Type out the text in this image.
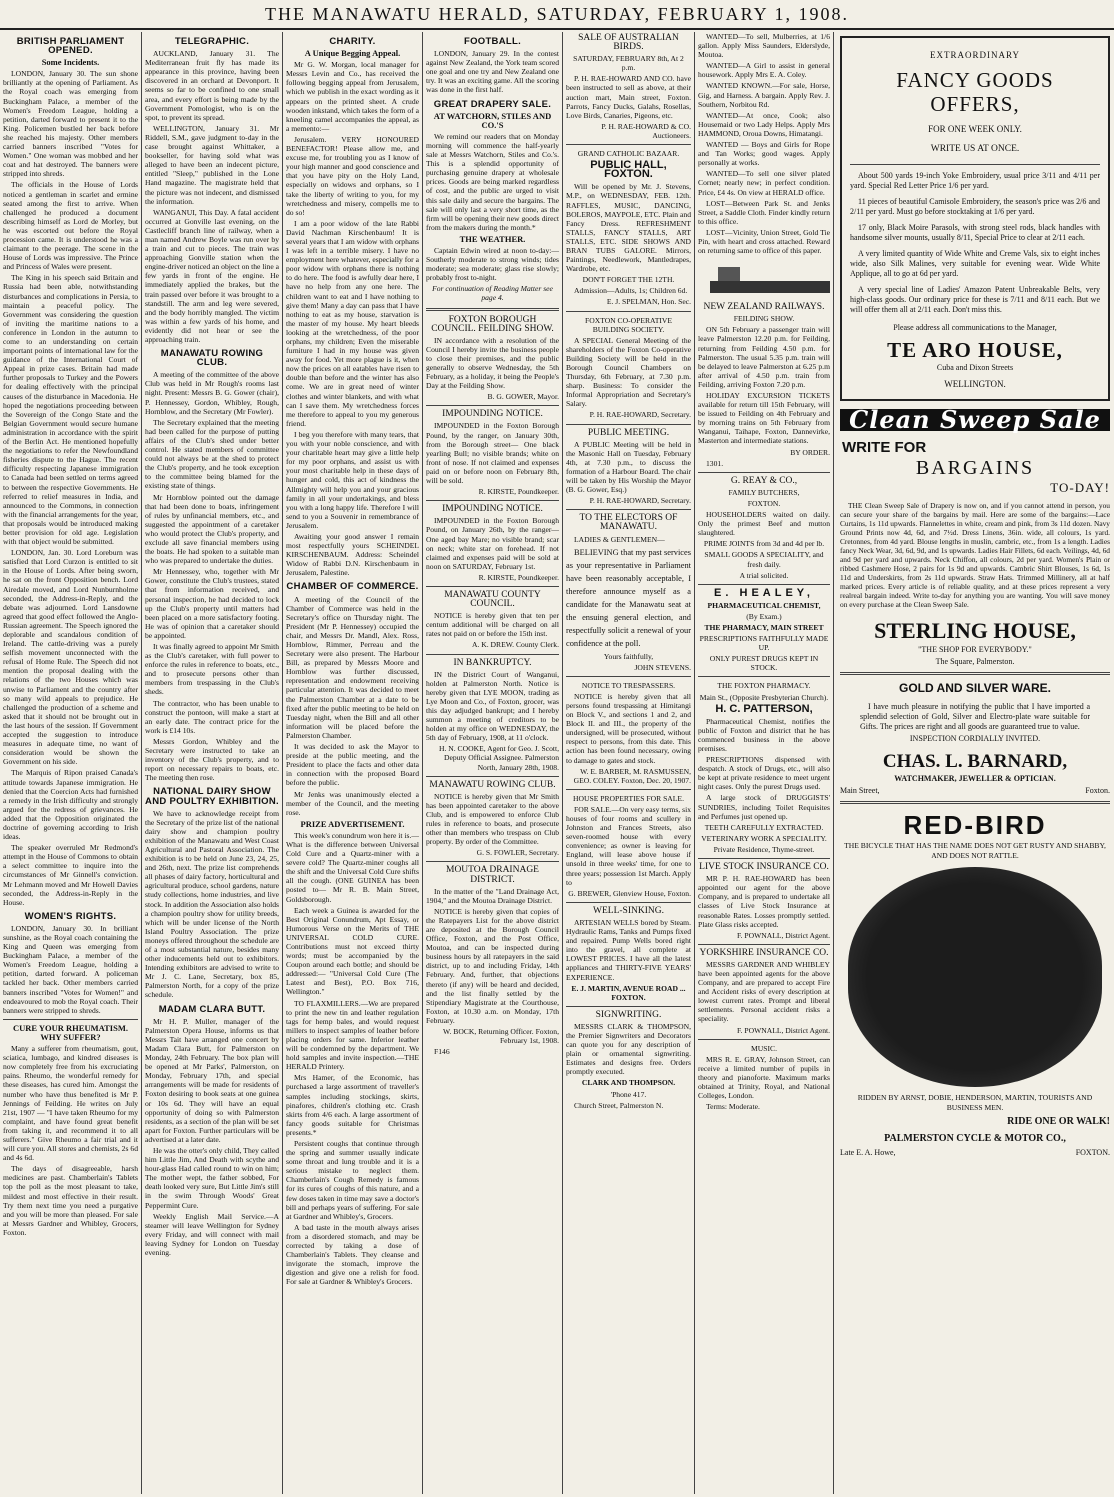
THE MANAWATU HERALD, SATURDAY, FEBRUARY 1, 1908.
BRITISH PARLIAMENT OPENED.
Some Incidents.

LONDON, January 30. The sun shone brilliantly at the opening of Parliament. As the Royal coach was emerging from Buckingham Palace, a member of the Women's Freedom League, holding a petition, darted forward to present it to the King. Policemen bustled her back before she reached his majesty. Other members carried banners inscribed "Votes for Women." One woman was mobbed and her coat and hat destroyed. The banners were stripped into shreds.

The officials in the House of Lords noticed a gentleman in scarlet and ermine seated among the first to arrive. When challenged he produced a document describing himself as Lord de Morley, but he was escorted out before the Royal procession came. It is understood he was a claimant to the peerage. The scene in the House of Lords was impressive. The Prince and Princess of Wales were present.

The King in his speech said Britain and Russia had been able, notwithstanding disturbances and complications in Persia, to maintain a peaceful policy. The Government was considering the question of inviting the maritime nations to a conference in London in the autumn to come to an understanding on certain important points of international law for the guidance of the International Court of Appeal in prize cases. Britain had made further proposals to Turkey and the Powers for dealing effectively with the principal causes of the disturbance in Macedonia. He hoped the negotiations proceeding between the Sovereign of the Congo State and the Belgian Government would secure humane administration in accordance with the spirit of the Berlin Act. He mentioned hopefully the negotiations to refer the Newfoundland fisheries dispute to the Hague. The recent difficulty respecting Japanese immigration to Canada had been settled on terms agreed to between the respective Governments. He referred to relief measures in India, and announced to the Commons, in connection with the financial arrangements for the year, that proposals would be introduced making better provision for old age. Legislation with that object would be submitted.

LONDON, Jan. 30. Lord Loreburn was satisfied that Lord Curzon is entitled to sit in the House of Lords. After being sworn, he sat on the front Opposition bench. Lord Airedale moved, and Lord Nunburnholme seconded, the Address-in-Reply, and the debate was adjourned. Lord Lansdowne agreed that good effect followed the Anglo-Russian agreement. The Speech ignored the deplorable and scandalous condition of Ireland. The cattle-driving was a purely selfish movement unconnected with the refusal of Home Rule. The Speech did not mention the proposal dealing with the relations of the two Houses which was unwise to Parliament and the country after so many wild appeals to prejudice. He challenged the production of a scheme and asked that it should not be brought out in the last hours of the session. If Government accepted the suggestion to introduce measures in adequate time, no want of consideration would be shown the Government on his side.

The Marquis of Ripon praised Canada's attitude towards Japanese immigration. He denied that the Coercion Acts had furnished a remedy in the Irish difficulty and strongly argued for the redress of grievances. He added that the Opposition originated the doctrine of governing according to Irish ideas.

The speaker overruled Mr Redmond's attempt in the House of Commons to obtain a select committee to inquire into the circumstances of Mr Ginnell's conviction. Mr Lehmann moved and Mr Howell Davies seconded, the Address-in-Reply in the House.

WOMEN'S RIGHTS.

LONDON, January 30. In brilliant sunshine, as the Royal coach containing the King and Queen was emerging from Buckingham Palace, a member of the Women's Freedom League, holding a petition, darted forward. A policeman tackled her back. Other members carried banners inscribed "Votes for Women!" and endeavoured to mob the Royal coach. Their banners were stripped to shreds.

CURE YOUR RHEUMATISM. WHY SUFFER?

Many a sufferer from rheumatism, gout, sciatica, lumbago, and kindred diseases is now completely free from his excruciating pains. Rheumo, the wonderful remedy for these diseases, has cured him. Amongst the number who have thus benefited is Mr P. Jennings of Feilding. He writes on July 21st, 1907 — "I have taken Rheumo for my complaint, and have found great benefit from taking it, and recommend it to all sufferers." Give Rheumo a fair trial and it will cure you. All stores and chemists, 2s 6d and 4s 6d.

The days of disagreeable, harsh medicines are past. Chamberlain's Tablets top the poll as the most pleasant to take, mildest and most effective in their result. Try them next time you need a purgative and you will be more than pleased. For sale at Messrs Gardner and Whibley, Grocers, Foxton.

TELEGRAPHIC.

AUCKLAND, January 31. The Mediterranean fruit fly has made its appearance in this province, having been discovered in an orchard at Devonport. It seems so far to be confined to one small area, and every effort is being made by the Government Pomologist, who is on the spot, to prevent its spread.

WELLINGTON, January 31. Mr Riddell, S.M., gave judgment to-day in the case brought against Whittaker, a bookseller, for having sold what was alleged to have been an indecent picture, entitled "Sleep," published in the Lone Hand magazine. The magistrate held that the picture was not indecent, and dismissed the information.

WANGANUI, This Day. A fatal accident occurred at Gonville last evening, on the Castlecliff branch line of railway, when a man named Andrew Boyle was run over by a train and cut to pieces. The train was approaching Gonville station when the engine-driver noticed an object on the line a few yards in front of the engine. He immediately applied the brakes, but the train passed over before it was brought to a standstill. The arm and leg were severed, and the body horribly mangled. The victim was within a few yards of his home, and evidently did not hear or see the approaching train.

MANAWATU ROWING CLUB.

A meeting of the committee of the above Club was held in Mr Rough's rooms last night. Present: Messrs B. G. Gower (chair), P. Hennessey, Gordon, Whibley, Rough, Hornblow, and the Secretary (Mr Fowler).

The Secretary explained that the meeting had been called for the purpose of putting affairs of the Club's shed under better control. He stated members of committee could not always be at the shed to protect the Club's property, and he took exception to the committee being blamed for the existing state of things.

Mr Hornblow pointed out the damage that had been done to boats, infringement of rules by unfinancial members, etc., and suggested the appointment of a caretaker who would protect the Club's property, and exclude all save financial members using the boats. He had spoken to a suitable man who was prepared to undertake the duties.

Mr Hennessey, who, together with Mr Gower, constitute the Club's trustees, stated that from information received, and personal inspection, he had decided to lock up the Club's property until matters had been placed on a more satisfactory footing. He was of opinion that a caretaker should be appointed.

It was finally agreed to appoint Mr Smith as the Club's caretaker, with full power to enforce the rules in reference to boats, etc., and to prosecute persons other than members from trespassing in the Club's sheds.

The contractor, who has been unable to construct the pontoon, will make a start at an early date. The contract price for the work is £14 10s.

Messrs Gordon, Whibley and the Secretary were instructed to take an inventory of the Club's property, and to report on necessary repairs to boats, etc. The meeting then rose.

NATIONAL DAIRY SHOW AND POULTRY EXHIBITION.

We have to acknowledge receipt from the Secretary of the prize list of the national dairy show and champion poultry exhibition of the Manawatu and West Coast Agricultural and Pastoral Association. The exhibition is to be held on June 23, 24, 25, and 26th, next. The prize list comprehends all phases of dairy factory, horticultural and agricultural produce, school gardens, nature study collections, home industries, and live stock. In addition the Association also holds a champion poultry show for utility breeds, which will be under license of the North Island Poultry Association. The prize moneys offered throughout the schedule are of a most substantial nature, besides many other inducements held out to exhibitors. Intending exhibitors are advised to write to Mr J. C. Lane, Secretary, box 85, Palmerston North, for a copy of the prize schedule.

MADAM CLARA BUTT.

Mr H. P. Muller, manager of the Palmerston Opera House, informs us that Messrs Tait have arranged one concert by Madam Clara Butt, for Palmerston on Monday, 24th February. The box plan will be opened at Mr Parks', Palmerston, on Monday, February 17th, and special arrangements will be made for residents of Foxton desiring to book seats at one guinea or 10s 6d. They will have an equal opportunity of doing so with Palmerston residents, as a section of the plan will be set apart for Foxton. Further particulars will be advertised at a later date.

He was the otter's only child, They called him Little Jim, And Death with scythe and hour-glass Had called round to win on him; The mother wept, the father sobbed, For death looked very sure, But Little Jim's still in the swim Through Woods' Great Peppermint Cure.

Weekly English Mail Service.—A steamer will leave Wellington for Sydney every Friday, and will connect with mail leaving Sydney for London on Tuesday evening.

CHARITY.
A Unique Begging Appeal.

Mr G. W. Morgan, local manager for Messrs Levin and Co., has received the following begging appeal from Jerusalem, which we publish in the exact wording as it appears on the printed sheet. A crude wooden inkstand, which takes the form of a kneeling camel accompanies the appeal, as a memento:—

Jerusalem. VERY HONOURED BENEFACTOR! Please allow me, and excuse me, for troubling you as I know of your high manner and good conscience and that you have pity on the Holy Land, especially on widows and orphans, so I take the liberty of writing to you, for my wretchedness and misery, compells me to do so!

I am a poor widow of the late Rabbi David Nachman Kirschenbaum! It is several years that I am widow with orphans I was left in a terrible misery. I have no employment here whatever, especially for a poor widow with orphans there is nothing to do here. The food is awfully dear here, I have no help from any one here. The children want to eat and I have nothing to give them! Many a day can pass that I have nothing to eat as my house, starvation is the master of my house. My heart bleeds looking at the wretchedness, of the poor orphans, my children; Even the miserable furniture I had in my house was given away for food. Yet more plague is it, when now the prices on all eatables have risen to double than before and the winter has also come. We are in great need of winter clothes and winter blankets, and with what can I save them. My wretchedness forces me therefore to appeal to you my generous friend.

I beg you therefore with many tears, that you with your noble conscience, and with your charitable heart may give a little help for my poor orphans, and assist us with your most charitable help in these days of hunger and cold, this act of kindness the Allmighty will help you and your gracious family in all your undertakings, and bless you with a long happy life. Therefore I will send to you a Souvenir in remembrance of Jerusalem.

Awaiting your good answer I remain most respectfully yours SCHEINDEL KIRSCHENBAUM. Address: Scheindel Widow of Rabbi D.N. Kirschenbaum in Jerusalem, Palestine.

CHAMBER OF COMMERCE.

A meeting of the Council of the Chamber of Commerce was held in the Secretary's office on Thursday night. The President (Mr P. Hennessey) occupied the chair, and Messrs Dr. Mandl, Alex. Ross, Hornblow, Rimmer, Perreau and the Secretary were also present. The Harbour Bill, as prepared by Messrs Moore and Hornblow was further discussed, representation and endowment receiving particular attention. It was decided to meet the Palmerston Chamber at a date to be fixed after the public meeting to be held on Tuesday night, when the Bill and all other information will be placed before the Palmerston Chamber.

It was decided to ask the Mayor to preside at the public meeting, and the President to place the facts and other data in connection with the proposed Board before the public.

Mr Jenks was unanimously elected a member of the Council, and the meeting rose.

PRIZE ADVERTISEMENT.

This week's conundrum won here it is.— What is the difference between Universal Cold Cure and a Quartz-miner with a severe cold? The Quartz-miner coughs all the shift and the Universal Cold Cure shifts all the cough. (ONE GUINEA has been posted to— Mr R. B. Main Street, Goldsborough.

Each week a Guinea is awarded for the Best Original Conundrum, Apt Essay, or Humorous Verse on the Merits of THE UNIVERSAL COLD CURE. Contributions must not exceed thirty words; must be accompanied by the Coupon around each bottle; and should be addressed:— "Universal Cold Cure (The Latest and Best), P.O. Box 716, Wellington."

TO FLAXMILLERS.—We are prepared to print the new tin and leather regulation tags for hemp bales, and would request millers to inspect samples of leather before placing orders for same. Inferior leather will be condemned by the department. We hold samples and invite inspection.—THE HERALD Printery.

Mrs Hamer, of the Economic, has purchased a large assortment of traveller's samples including stockings, skirts, pinafores, children's clothing etc. Crash skirts from 4/6 each. A large assortment of fancy goods suitable for Christmas presents.*

Persistent coughs that continue through the spring and summer usually indicate some throat and lung trouble and it is a serious mistake to neglect them. Chamberlain's Cough Remedy is famous for its cures of coughs of this nature, and a few doses taken in time may save a doctor's bill and perhaps years of suffering. For sale at Gardner and Whibley's, Grocers.

A bad taste in the mouth always arises from a disordered stomach, and may be corrected by taking a dose of Chamberlain's Tablets. They cleanse and invigorate the stomach, improve the digestion and give one a relish for food. For sale at Gardner & Whibley's Grocers.

FOOTBALL.

LONDON, January 29. In the contest against New Zealand, the York team scored one goal and one try and New Zealand one try. It was an exciting game. All the scoring was done in the first half.

GREAT DRAPERY SALE.
AT WATCHORN, STILES AND CO.'S

We remind our readers that on Monday morning will commence the half-yearly sale at Messrs Watchorn, Stiles and Co.'s. This is a splendid opportunity of purchasing genuine drapery at wholesale prices. Goods are being marked regardless of cost, and the public are urged to visit this sale daily and secure the bargains. The sale will only last a very short time, as the firm will be opening their new goods direct from the makers during the month.*

THE WEATHER.

Captain Edwin wired at noon to-day:—Southerly moderate to strong winds; tides moderate; sea moderate; glass rise slowly; probably frost to-night.

For continuation of Reading Matter see page 4.

FOXTON BOROUGH COUNCIL. FEILDING SHOW.

IN accordance with a resolution of the Council I hereby invite the business people to close their premises, and the public generally to observe Wednesday, the 5th February, as a holiday, it being the People's Day at the Feilding Show.

B. G. GOWER, Mayor.

IMPOUNDING NOTICE.

IMPOUNDED in the Foxton Borough Pound, by the ranger, on January 30th, from the Borough street— One black yearling Bull; no visible brands; white on front of nose. If not claimed and expenses paid on or before noon on February 8th, will be sold.

R. KIRSTE, Poundkeeper.

IMPOUNDING NOTICE.

IMPOUNDED in the Foxton Borough Pound, on January 26th, by the ranger— One aged bay Mare; no visible brand; scar on neck; white star on forehead. If not claimed and expenses paid will be sold at noon on SATURDAY, February 1st.

R. KIRSTE, Poundkeeper.

MANAWATU COUNTY COUNCIL.

NOTICE is hereby given that ten per centum additional will be charged on all rates not paid on or before the 15th inst.

A. K. DREW. County Clerk.

IN BANKRUPTCY.

IN the District Court of Wanganui, holden at Palmerston North. Notice is hereby given that LYE MOON, trading as Lye Moon and Co., of Foxton, grocer, was this day adjudged bankrupt; and I hereby summon a meeting of creditors to be holden at my office on WEDNESDAY, the 5th day of February, 1908, at 11 o'clock.

H. N. COOKE, Agent for Geo. J. Scott, Deputy Official Assignee. Palmerston North, January 28th, 1908.

MANAWATU ROWING CLUB.

NOTICE is hereby given that Mr Smith has been appointed caretaker to the above Club, and is empowered to enforce Club rules in reference to boats, and prosecute other than members who trespass on Club property. By order of the Committee.

G. S. FOWLER, Secretary.

MOUTOA DRAINAGE DISTRICT.

In the matter of the "Land Drainage Act, 1904," and the Moutoa Drainage District.

NOTICE is hereby given that copies of the Ratepayers List for the above district are deposited at the Borough Council Office, Foxton, and the Post Office, Moutoa, and can be inspected during business hours by all ratepayers in the said district, up to and including Friday, 14th February. And, further, that objections thereto (if any) will be heard and decided, and the list finally settled by the Stipendiary Magistrate at the Courthouse, Foxton, at 10.30 a.m. on Monday, 17th February.

W. BOCK, Returning Officer. Foxton, February 1st, 1908.

F146

SALE OF AUSTRALIAN BIRDS.

SATURDAY, FEBRUARY 8th, At 2 p.m.

P. H. RAE-HOWARD AND CO. have been instructed to sell as above, at their auction mart, Main street, Foxton. Parrots, Fancy Ducks, Galahs, Rosellas, Love Birds, Canaries, Pigeons, etc.

P. H. RAE-HOWARD & CO. Auctioneers.

GRAND CATHOLIC BAZAAR.

PUBLIC HALL, FOXTON.

Will be opened by Mr. J. Stevens, M.P., on WEDNESDAY, FEB. 12th. RAFFLES, MUSIC, DANCING, BOLEROS, MAYPOLE, ETC. Plain and Fancy Dress. REFRESHMENT STALLS, FANCY STALLS, ART STALLS, ETC. SIDE SHOWS AND BRAN TUBS GALORE. Mirrors, Paintings, Needlework, Mantledrapes, Wardrobe, etc.

DON'T FORGET THE 12TH.

Admission—Adults, 1s; Children 6d.

E. J. SPELMAN, Hon. Sec.

FOXTON CO-OPERATIVE BUILDING SOCIETY.

A SPECIAL General Meeting of the shareholders of the Foxton Co-operative Building Society will be held in the Borough Council Chambers on Thursday, 6th February, at 7.30 p.m. sharp. Business: To consider the Informal Appropriation and Secretary's Salary.

P. H. RAE-HOWARD, Secretary.

PUBLIC MEETING.

A PUBLIC Meeting will be held in the Masonic Hall on Tuesday, February 4th, at 7.30 p.m., to discuss the formation of a Harbour Board. The chair will be taken by His Worship the Mayor (B. G. Gower, Esq.)

P. H. RAE-HOWARD, Secretary.

TO THE ELECTORS OF MANAWATU.

LADIES & GENTLEMEN—

BELIEVING that my past services as your representative in Parliament have been reasonably acceptable, I therefore announce myself as a candidate for the Manawatu seat at the ensuing general election, and respectfully solicit a renewal of your confidence at the poll.

Yours faithfully,

JOHN STEVENS.

NOTICE TO TRESPASSERS.

NOTICE is hereby given that all persons found trespassing at Himitangi on Block V., and sections 1 and 2, and Block II. and III., the property of the undersigned, will be prosecuted, without respect to persons, from this date. This action has been found necessary, owing to damage to gates and stock.

W. E. BARBER, M. RASMUSSEN, GEO. COLEY. Foxton, Dec. 20, 1907.

HOUSE PROPERTIES FOR SALE.

FOR SALE.—On very easy terms, six houses of four rooms and scullery in Johnston and Frances Streets, also seven-roomed house with every convenience; as owner is leaving for England, will lease above house if unsold in three weeks' time, for one to three years; possession 1st March. Apply to

G. BREWER, Glenview House, Foxton.

WELL-SINKING.

ARTESIAN WELLS bored by Steam. Hydraulic Rams, Tanks and Pumps fixed and repaired. Pump Wells bored right into the gravel, all complete at LOWEST PRICES. I have all the latest appliances and THIRTY-FIVE YEARS' EXPERIENCE.

E. J. MARTIN, AVENUE ROAD ... FOXTON.

SIGNWRITING.

MESSRS CLARK & THOMPSON, the Premier Signwriters and Decorators can quote you for any description of plain or ornamental signwriting. Estimates and designs free. Orders promptly executed.

CLARK AND THOMPSON.

'Phone 417.

Church Street, Palmerston N.

WANTED—To sell, Mulberries, at 1/6 gallon. Apply Miss Saunders, Elderslyde, Moutoa.

WANTED—A Girl to assist in general housework. Apply Mrs E. A. Coley.

WANTED KNOWN.—For sale, Horse, Gig, and Harness. A bargain. Apply Rev. J. Southern, Norbitou Rd.

WANTED—At once, Cook; also Housemaid or two Lady Helps. Apply Mrs HAMMOND, Oroua Downs, Himatangi.

WANTED — Boys and Girls for Rope and Tan Works; good wages. Apply personally at works.

WANTED—To sell one silver plated Cornet; nearly new; in perfect condition. Price, £4 4s. On view at HERALD office.

LOST—Between Park St. and Jenks Street, a Saddle Cloth. Finder kindly return to this office.

LOST—Vicinity, Union Street, Gold Tie Pin, with heart and cross attached. Reward on returning same to office of this paper.

NEW ZEALAND RAILWAYS.

FEILDING SHOW.

ON 5th February a passenger train will leave Palmerston 12.20 p.m. for Feilding, returning from Feilding 4.50 p.m. for Palmerston. The usual 5.35 p.m. train will be delayed to leave Palmerston at 6.25 p.m after arrival of 4.50 p.m. train from Feilding, arriving Foxton 7.20 p.m.

HOLIDAY EXCURSION TICKETS available for return till 15th February, will be issued to Feilding on 4th February and by morning trains on 5th February from Wanganui, Taihape, Foxton, Dannevirke, Masterton and intermediate stations.

BY ORDER.

1301.

G. REAY & CO.,

FAMILY BUTCHERS,

FOXTON.

HOUSEHOLDERS waited on daily. Only the primest Beef and mutton slaughtered.

PRIME JOINTS from 3d and 4d per lb.

SMALL GOODS A SPECIALITY, and fresh daily.

A trial solicited.

E. HEALEY,

PHARMACEUTICAL CHEMIST,

(By Exam.)

THE PHARMACY, MAIN STREET

PRESCRIPTIONS FAITHFULLY MADE UP.

ONLY PUREST DRUGS KEPT IN STOCK.

THE FOXTON PHARMACY.

Main St., (Opposite Presbyterian Church).

H. C. PATTERSON,

Pharmaceutical Chemist, notifies the public of Foxton and district that he has commenced business in the above premises.

PRESCRIPTIONS dispensed with despatch. A stock of Drugs, etc., will also be kept at private residence to meet urgent night cases. Only the purest Drugs used.

A large stock of DRUGGISTS' SUNDRIES, including Toilet Requisites and Perfumes just opened up.

TEETH CAREFULLY EXTRACTED.

VETERINARY WORK A SPECIALITY.

Private Residence, Thyme-street.

LIVE STOCK INSURANCE CO.

MR P. H. RAE-HOWARD has been appointed our agent for the above Company, and is prepared to undertake all classes of Live Stock Insurance at reasonable Rates. Losses promptly settled. Plate Glass risks accepted.

F. POWNALL, District Agent.

YORKSHIRE INSURANCE CO.

MESSRS GARDNER AND WHIBLEY have been appointed agents for the above Company, and are prepared to accept Fire and Accident risks of every description at lowest current rates. Prompt and liberal settlements. Personal accident risks a speciality.

F. POWNALL, District Agent.

MUSIC.

MRS R. E. GRAY, Johnson Street, can receive a limited number of pupils in theory and pianoforte. Maximum marks obtained at Trinity, Royal, and National Colleges, London.

Terms: Moderate.

EXTRAORDINARY

FANCY GOODS OFFERS,

FOR ONE WEEK ONLY.

WRITE US AT ONCE.

About 500 yards 19-inch Yoke Embroidery, usual price 3/11 and 4/11 per yard. Special Red Letter Price 1/6 per yard.

11 pieces of beautiful Camisole Embroidery, the season's price was 2/6 and 2/11 per yard. Must go before stocktaking at 1/6 per yard.

17 only, Black Moire Parasols, with strong steel rods, black handles with handsome silver mounts, usually 8/11, Special Price to clear at 2/11 each.

A very limited quantity of Wide White and Creme Vals, six to eight inches wide, also Silk Malines, very suitable for evening wear. Wide White Applique, all to go at 6d per yard.

A very special line of Ladies' Amazon Patent Unbreakable Belts, very high-class goods. Our ordinary price for these is 7/11 and 8/11 each. But we will offer them all at 2/11 each. Don't miss this.

Please address all communications to the Manager,

TE ARO HOUSE,

Cuba and Dixon Streets

WELLINGTON.

Clean Sweep Sale
WRITE FOR
BARGAINS
TO-DAY!

THE Clean Sweep Sale of Drapery is now on, and if you cannot attend in person, you can secure your share of the bargains by mail. Here are some of the bargains:—Lace Curtains, 1s 11d upwards. Flannelettes in white, cream and pink, from 3s 11d dozen. Navy Ground Prints now 4d, 6d, and 7½d. Dress Linens, 36in. wide, all colours, 1s yard. Cretonnes, from 4d yard. Blouse lengths in muslin, cambric, etc., from 1s a length. Ladies fancy Neck Wear, 3d, 6d, 9d, and 1s upwards. Ladies Hair Fillets, 6d each. Veilings, 4d, 6d and 9d per yard and upwards. Neck Chiffon, all colours, 2d per yard. Women's Plain or ribbed Cashmere Hose, 2 pairs for 1s 9d and upwards. Cambric Shirt Blouses, 1s 6d, 1s 11d and Underskirts, from 2s 11d upwards. Straw Hats. Trimmed Millinery, all at half marked prices. Every article is of reliable quality, and at these prices represent a very realreal bargain indeed. Write to-day for anything you are wanting. You will save money on every purchase at the Clean Sweep Sale.

STERLING HOUSE,

"THE SHOP FOR EVERYBODY."

The Square, Palmerston.

GOLD AND SILVER WARE.

I have much pleasure in notifying the public that I have imported a splendid selection of Gold, Silver and Electro-plate ware suitable for Gifts. The prices are right and all goods are guaranteed true to value.

INSPECTION CORDIALLY INVITED.

CHAS. L. BARNARD,

WATCHMAKER, JEWELLER & OPTICIAN.

Main Street,	Foxton.
RED-BIRD

THE BICYCLE THAT HAS THE NAME DOES NOT GET RUSTY AND SHABBY, AND DOES NOT RATTLE.

RIDDEN BY ARNST, DOBIE, HENDERSON, MARTIN, TOURISTS AND BUSINESS MEN.

RIDE ONE OR WALK!

PALMERSTON CYCLE & MOTOR CO.,

Late E. A. Howe,	FOXTON.
